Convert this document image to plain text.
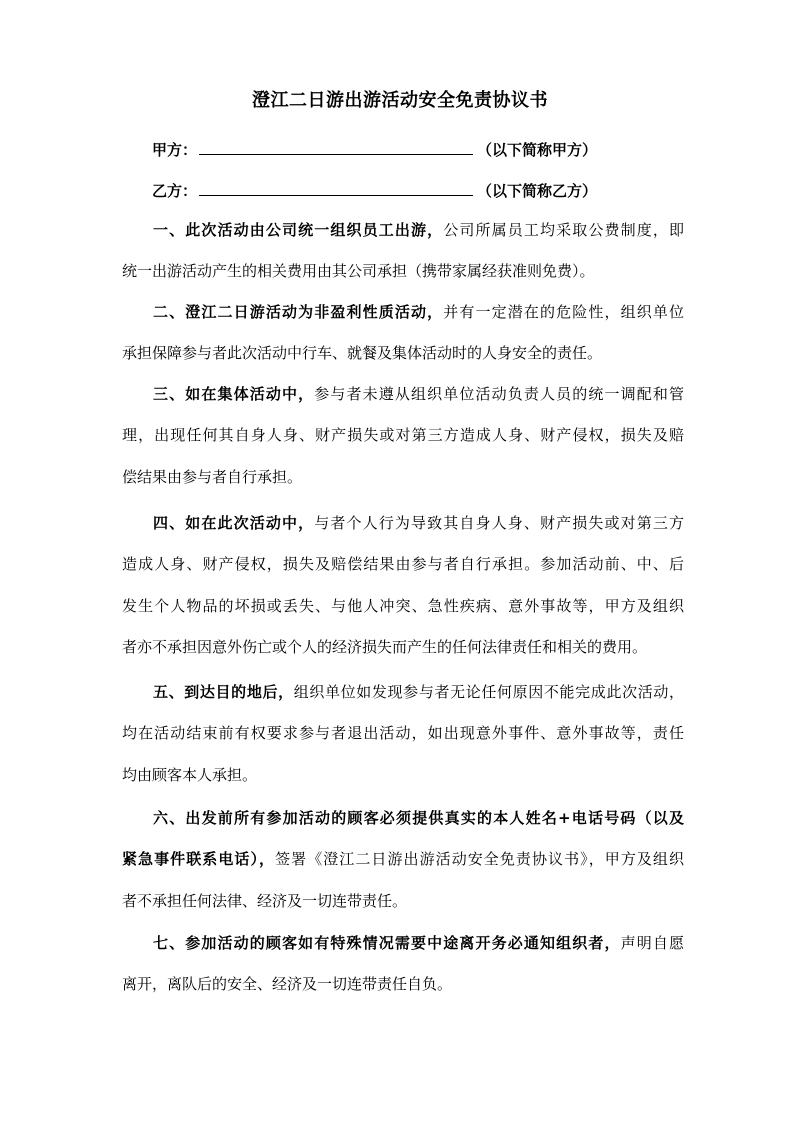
澄江二日游出游活动安全免责协议书
甲方：	（以下简称甲方）
乙方：	（以下简称乙方）
一、此次活动由公司统一组织员工出游，公司所属员工均采取公费制度，即
统一出游活动产生的相关费用由其公司承担（携带家属经获准则免费）。
二、澄江二日游活动为非盈利性质活动，并有一定潜在的危险性，组织单位
承担保障参与者此次活动中行车、就餐及集体活动时的人身安全的责任。
三、如在集体活动中，参与者未遵从组织单位活动负责人员的统一调配和管
理，出现任何其自身人身、财产损失或对第三方造成人身、财产侵权，损失及赔
偿结果由参与者自行承担。
四、如在此次活动中，与者个人行为导致其自身人身、财产损失或对第三方
造成人身、财产侵权，损失及赔偿结果由参与者自行承担。参加活动前、中、后
发生个人物品的坏损或丢失、与他人冲突、急性疾病、意外事故等，甲方及组织
者亦不承担因意外伤亡或个人的经济损失而产生的任何法律责任和相关的费用。
五、到达目的地后，组织单位如发现参与者无论任何原因不能完成此次活动，
均在活动结束前有权要求参与者退出活动，如出现意外事件、意外事故等，责任
均由顾客本人承担。
六、出发前所有参加活动的顾客必须提供真实的本人姓名+电话号码（以及
紧急事件联系电话），签署《澄江二日游出游活动安全免责协议书》，甲方及组织
者不承担任何法律、经济及一切连带责任。
七、参加活动的顾客如有特殊情况需要中途离开务必通知组织者，声明自愿
离开，离队后的安全、经济及一切连带责任自负。
